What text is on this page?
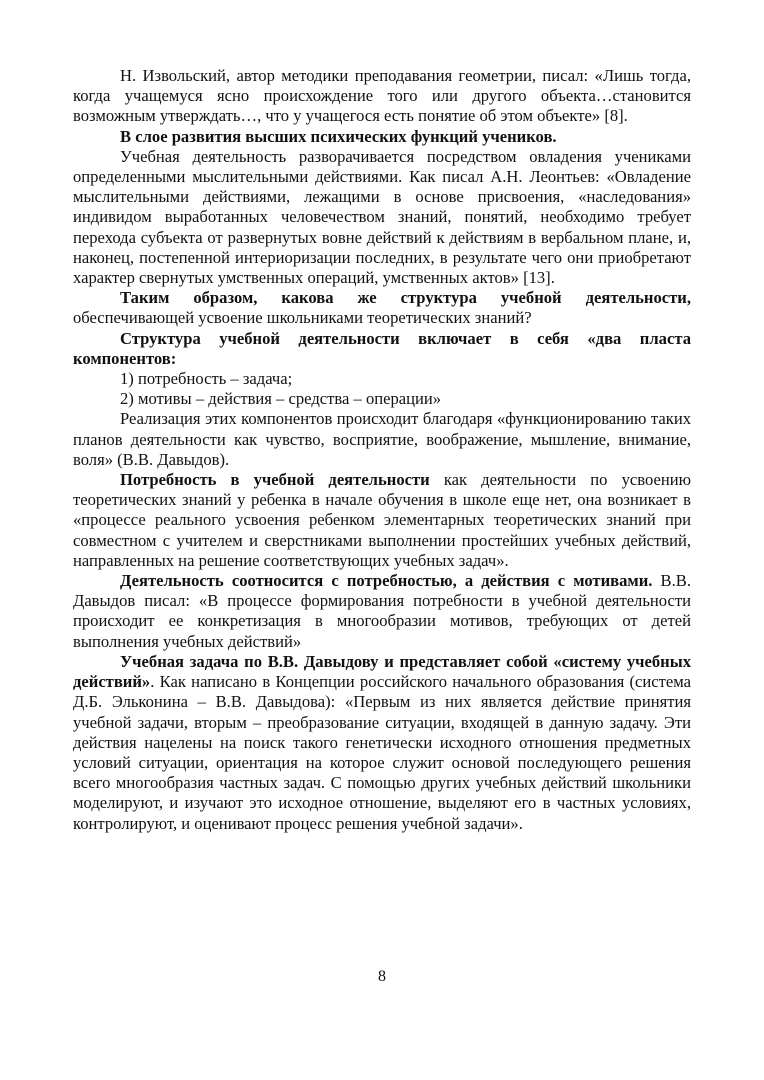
Н. Извольский, автор методики преподавания геометрии, писал: «Лишь тогда, когда учащемуся ясно происхождение того или другого объекта…становится возможным утверждать…, что у учащегося есть понятие об этом объекте» [8].

В слое развития высших психических функций учеников.

Учебная деятельность разворачивается посредством овладения учениками определенными мыслительными действиями. Как писал А.Н. Леонтьев: «Овладение мыслительными действиями, лежащими в основе присвоения, «наследования» индивидом выработанных человечеством знаний, понятий, необходимо требует перехода субъекта от развернутых вовне действий к действиям в вербальном плане, и, наконец, постепенной интериоризации последних, в результате чего они приобретают характер свернутых умственных операций, умственных актов» [13].

Таким образом, какова же структура учебной деятельности, обеспечивающей усвоение школьниками теоретических знаний?

Структура учебной деятельности включает в себя «два пласта компонентов:

1) потребность – задача;

2) мотивы – действия – средства – операции»

Реализация этих компонентов происходит благодаря «функционированию таких планов деятельности как чувство, восприятие, воображение, мышление, внимание, воля» (В.В. Давыдов).

Потребность в учебной деятельности как деятельности по усвоению теоретических знаний у ребенка в начале обучения в школе еще нет, она возникает в «процессе реального усвоения ребенком элементарных теоретических знаний при совместном с учителем и сверстниками выполнении простейших учебных действий, направленных на решение соответствующих учебных задач».

Деятельность соотносится с потребностью, а действия с мотивами. В.В. Давыдов писал: «В процессе формирования потребности в учебной деятельности происходит ее конкретизация в многообразии мотивов, требующих от детей выполнения учебных действий»

Учебная задача по В.В. Давыдову и представляет собой «систему учебных действий». Как написано в Концепции российского начального образования (система Д.Б. Эльконина – В.В. Давыдова): «Первым из них является действие принятия учебной задачи, вторым – преобразование ситуации, входящей в данную задачу. Эти действия нацелены на поиск такого генетически исходного отношения предметных условий ситуации, ориентация на которое служит основой последующего решения всего многообразия частных задач. С помощью других учебных действий школьники моделируют, и изучают это исходное отношение, выделяют его в частных условиях, контролируют, и оценивают процесс решения учебной задачи».

8
